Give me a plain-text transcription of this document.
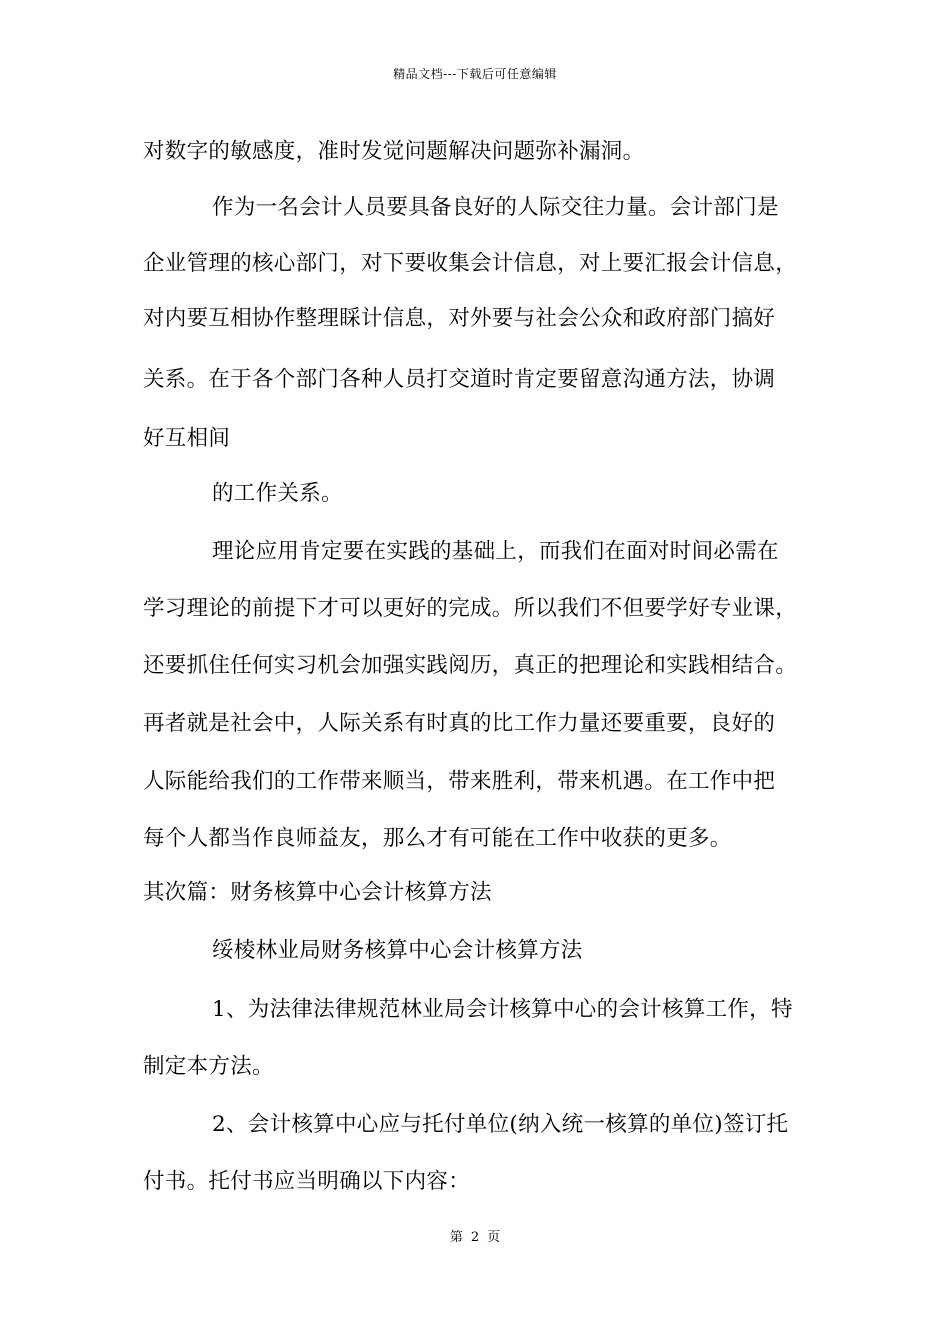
精品文档---下载后可任意编辑
对数字的敏感度，准时发觉问题解决问题弥补漏洞。
作为一名会计人员要具备良好的人际交往力量。会计部门是
企业管理的核心部门，对下要收集会计信息，对上要汇报会计信息，
对内要互相协作整理睬计信息，对外要与社会公众和政府部门搞好
关系。在于各个部门各种人员打交道时肯定要留意沟通方法，协调
好互相间
的工作关系。
理论应用肯定要在实践的基础上，而我们在面对时间必需在
学习理论的前提下才可以更好的完成。所以我们不但要学好专业课，
还要抓住任何实习机会加强实践阅历，真正的把理论和实践相结合。
再者就是社会中，人际关系有时真的比工作力量还要重要，良好的
人际能给我们的工作带来顺当，带来胜利，带来机遇。在工作中把
每个人都当作良师益友，那么才有可能在工作中收获的更多。
其次篇：财务核算中心会计核算方法
绥棱林业局财务核算中心会计核算方法
1、为法律法律规范林业局会计核算中心的会计核算工作，特
制定本方法。
2、会计核算中心应与托付单位(纳入统一核算的单位)签订托
付书。托付书应当明确以下内容：
第 2 页
